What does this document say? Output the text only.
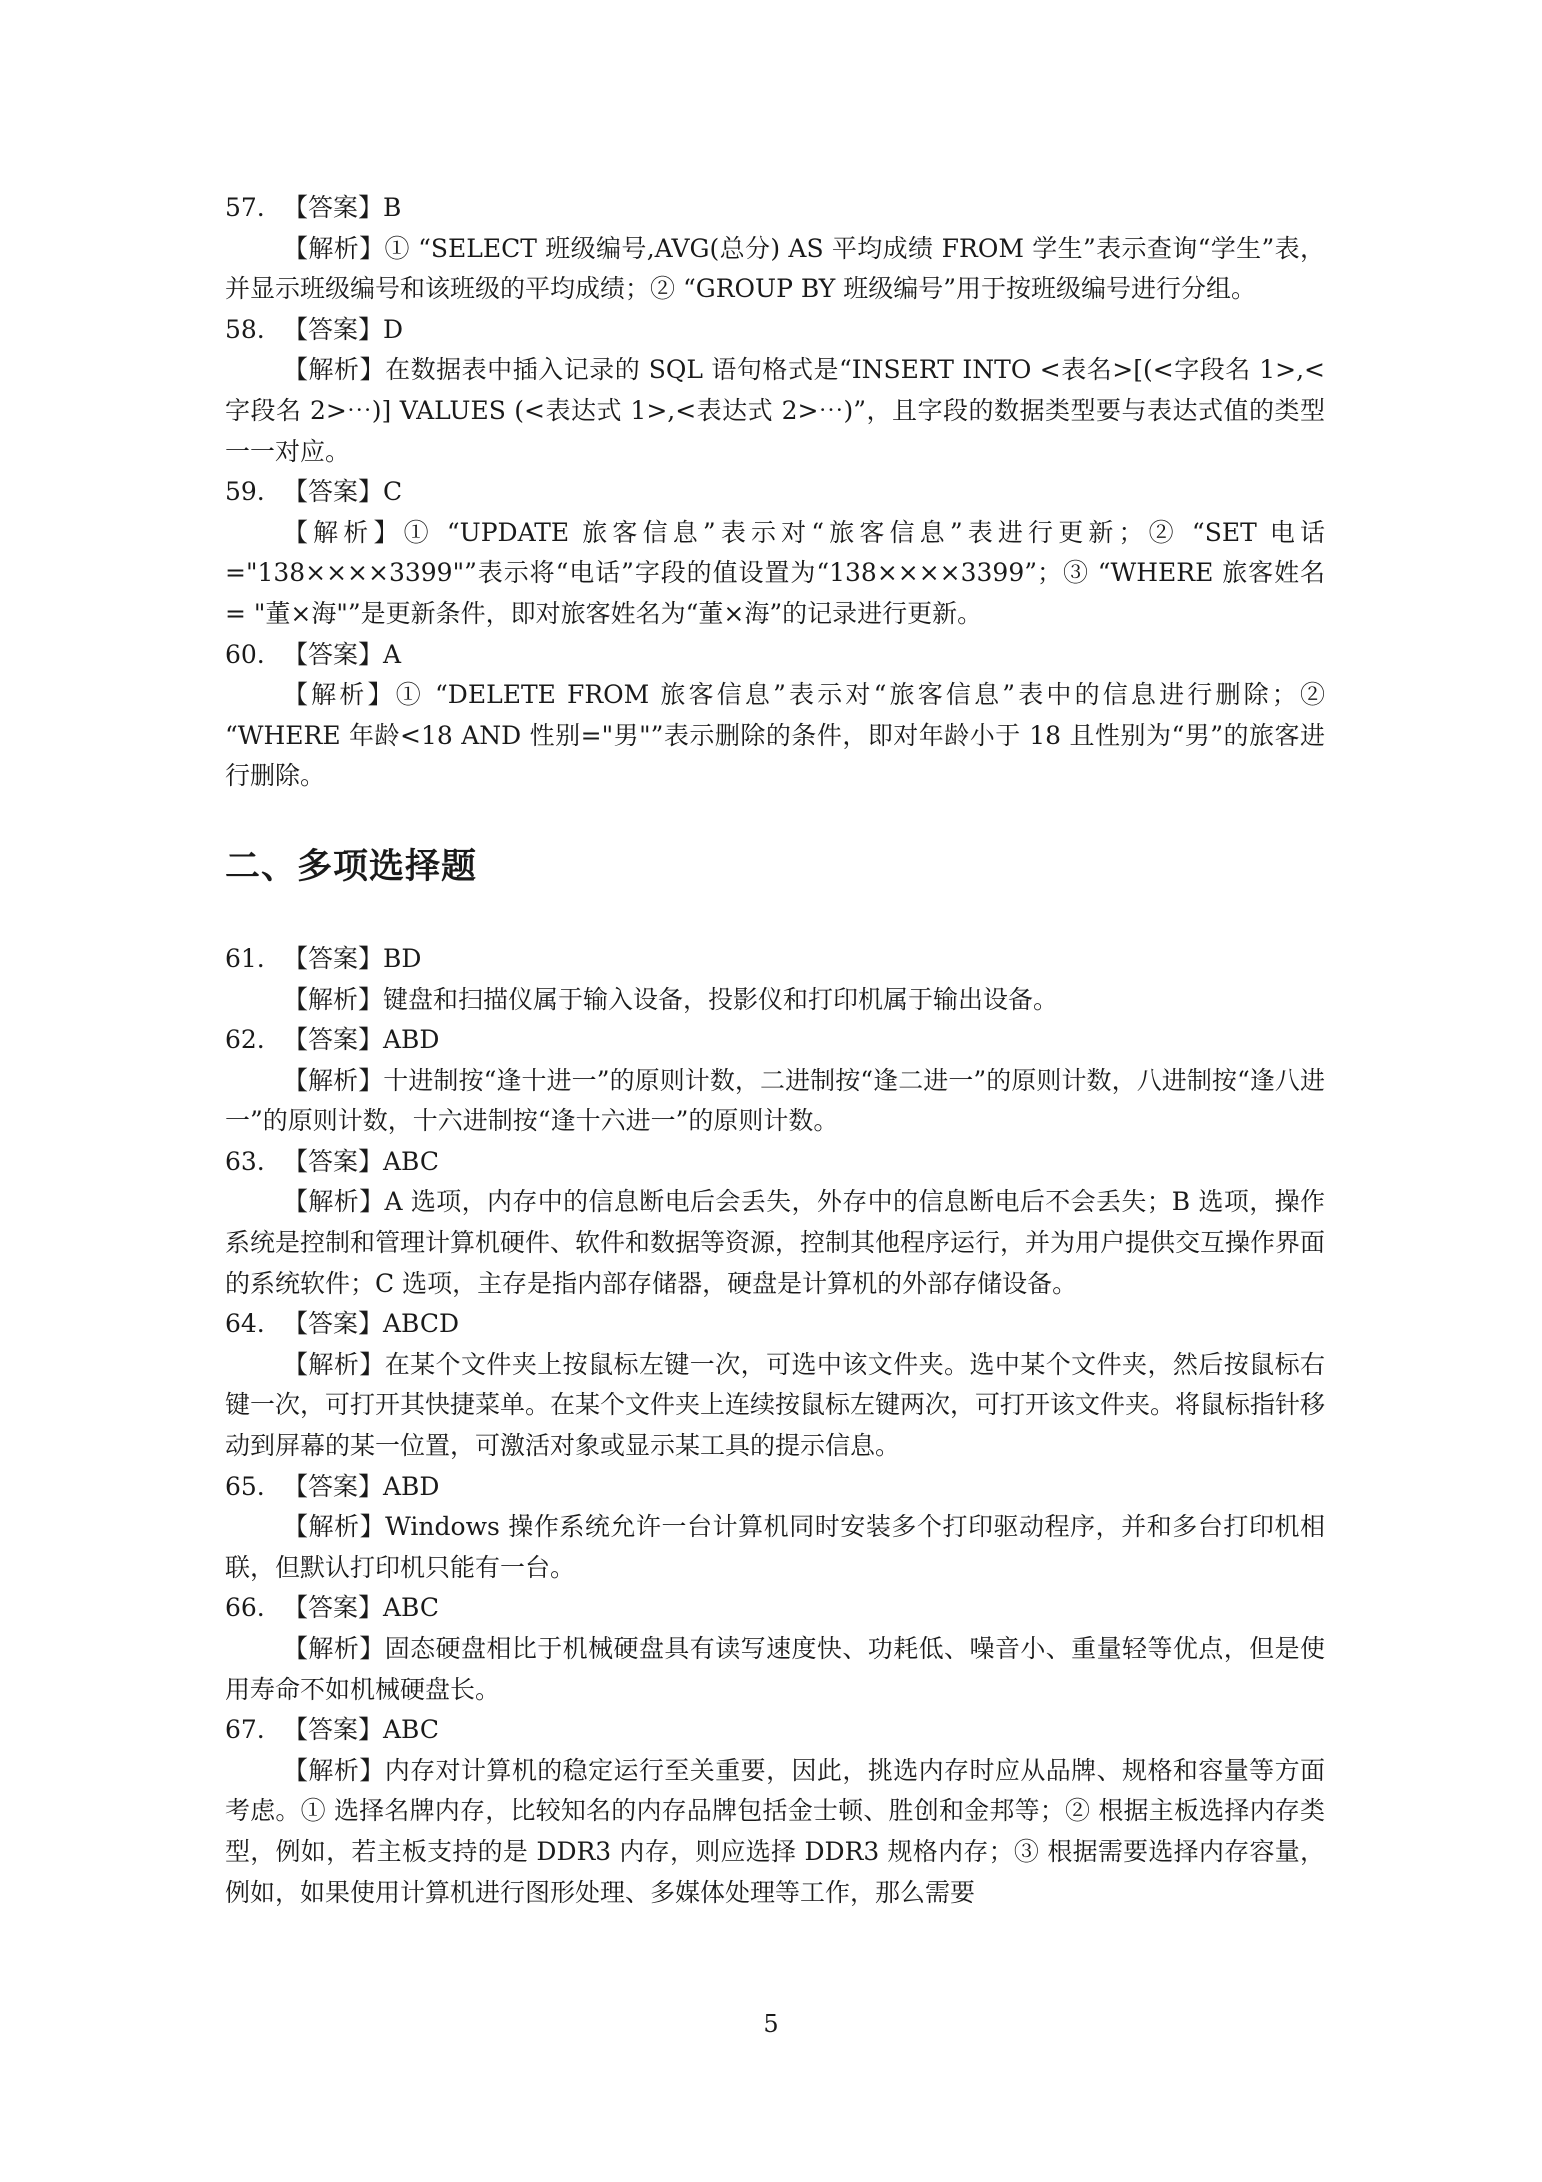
57. 【答案】B

【解析】① “SELECT 班级编号,AVG(总分) AS 平均成绩 FROM 学生”表示查询“学生”表，并显示班级编号和该班级的平均成绩；② “GROUP BY 班级编号”用于按班级编号进行分组。

58. 【答案】D

【解析】在数据表中插入记录的 SQL 语句格式是“INSERT INTO <表名>[(<字段名 1>,<字段名 2>⋯)] VALUES (<表达式 1>,<表达式 2>⋯)”，且字段的数据类型要与表达式值的类型一一对应。

59. 【答案】C

【解析】① “UPDATE 旅客信息”表示对“旅客信息”表进行更新；② “SET 电话="138××××3399"”表示将“电话”字段的值设置为“138××××3399”；③ “WHERE 旅客姓名= "董×海"”是更新条件，即对旅客姓名为“董×海”的记录进行更新。

60. 【答案】A

【解析】① “DELETE FROM 旅客信息”表示对“旅客信息”表中的信息进行删除；② “WHERE 年龄<18 AND 性别="男"”表示删除的条件，即对年龄小于 18 且性别为“男”的旅客进行删除。

二、多项选择题

61. 【答案】BD

【解析】键盘和扫描仪属于输入设备，投影仪和打印机属于输出设备。

62. 【答案】ABD

【解析】十进制按“逢十进一”的原则计数，二进制按“逢二进一”的原则计数，八进制按“逢八进一”的原则计数，十六进制按“逢十六进一”的原则计数。

63. 【答案】ABC

【解析】A 选项，内存中的信息断电后会丢失，外存中的信息断电后不会丢失；B 选项，操作系统是控制和管理计算机硬件、软件和数据等资源，控制其他程序运行，并为用户提供交互操作界面的系统软件；C 选项，主存是指内部存储器，硬盘是计算机的外部存储设备。

64. 【答案】ABCD

【解析】在某个文件夹上按鼠标左键一次，可选中该文件夹。选中某个文件夹，然后按鼠标右键一次，可打开其快捷菜单。在某个文件夹上连续按鼠标左键两次，可打开该文件夹。将鼠标指针移动到屏幕的某一位置，可激活对象或显示某工具的提示信息。

65. 【答案】ABD

【解析】Windows 操作系统允许一台计算机同时安装多个打印驱动程序，并和多台打印机相联，但默认打印机只能有一台。

66. 【答案】ABC

【解析】固态硬盘相比于机械硬盘具有读写速度快、功耗低、噪音小、重量轻等优点，但是使用寿命不如机械硬盘长。

67. 【答案】ABC

【解析】内存对计算机的稳定运行至关重要，因此，挑选内存时应从品牌、规格和容量等方面考虑。① 选择名牌内存，比较知名的内存品牌包括金士顿、胜创和金邦等；② 根据主板选择内存类型，例如，若主板支持的是 DDR3 内存，则应选择 DDR3 规格内存；③ 根据需要选择内存容量，例如，如果使用计算机进行图形处理、多媒体处理等工作，那么需要

5
